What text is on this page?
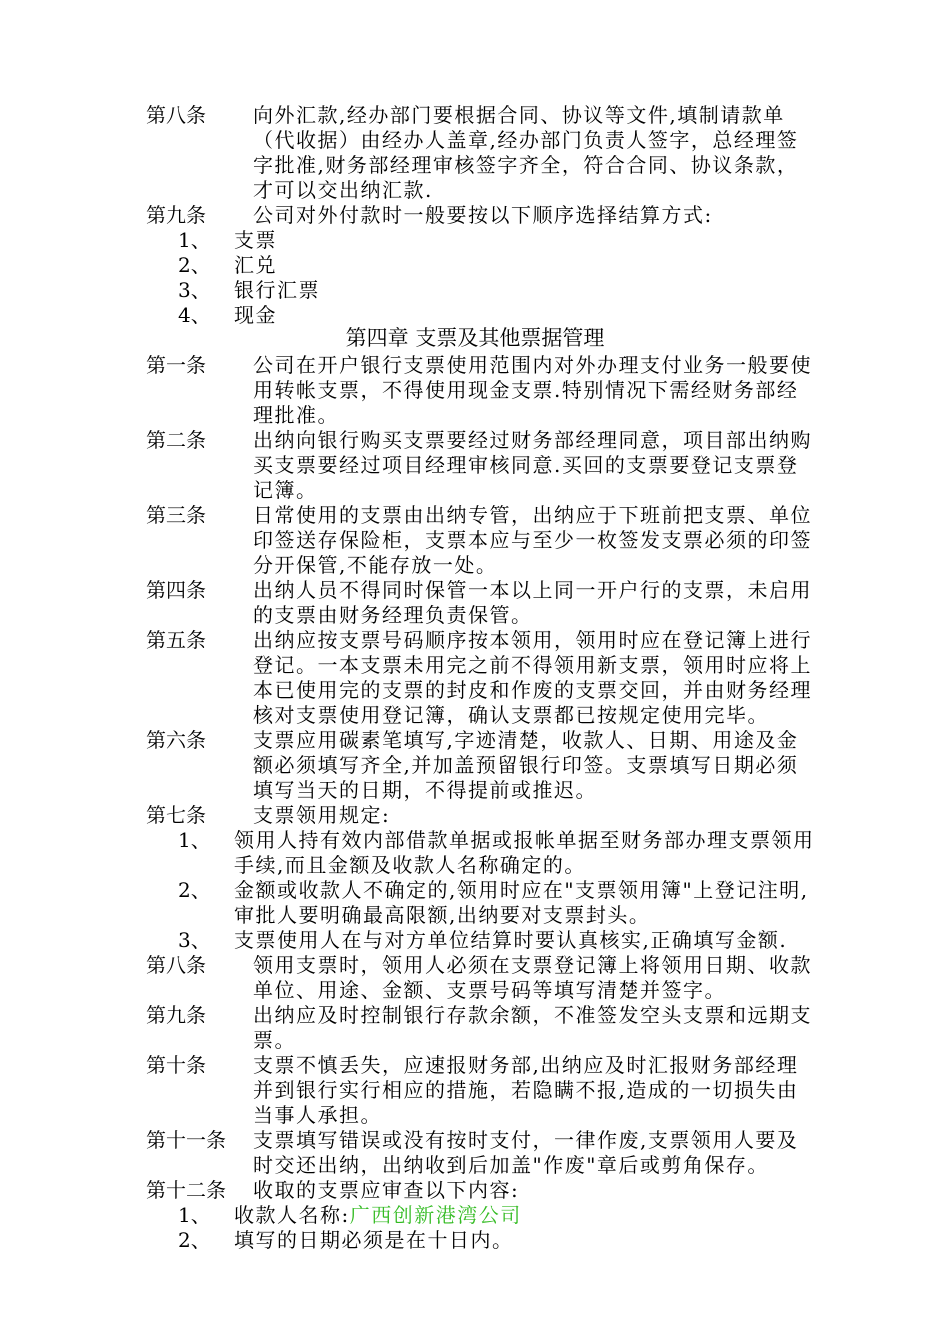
第八条 向外汇款,经办部门要根据合同、协议等文件,填制请款单
（代收据）由经办人盖章,经办部门负责人签字，总经理签
字批准,财务部经理审核签字齐全，符合合同、协议条款，
才可以交出纳汇款.
第九条 公司对外付款时一般要按以下顺序选择结算方式:
1、 支票
2、 汇兑
3、 银行汇票
4、 现金
第四章 支票及其他票据管理
第一条 公司在开户银行支票使用范围内对外办理支付业务一般要使
用转帐支票，不得使用现金支票.特别情况下需经财务部经
理批准。
第二条 出纳向银行购买支票要经过财务部经理同意，项目部出纳购
买支票要经过项目经理审核同意.买回的支票要登记支票登
记簿。
第三条 日常使用的支票由出纳专管，出纳应于下班前把支票、单位
印签送存保险柜，支票本应与至少一枚签发支票必须的印签
分开保管,不能存放一处。
第四条 出纳人员不得同时保管一本以上同一开户行的支票，未启用
的支票由财务经理负责保管。
第五条 出纳应按支票号码顺序按本领用，领用时应在登记簿上进行
登记。一本支票未用完之前不得领用新支票，领用时应将上
本已使用完的支票的封皮和作废的支票交回，并由财务经理
核对支票使用登记簿，确认支票都已按规定使用完毕。
第六条 支票应用碳素笔填写,字迹清楚，收款人、日期、用途及金
额必须填写齐全,并加盖预留银行印签。支票填写日期必须
填写当天的日期，不得提前或推迟。
第七条 支票领用规定:
1、 领用人持有效内部借款单据或报帐单据至财务部办理支票领用
手续,而且金额及收款人名称确定的。
2、 金额或收款人不确定的,领用时应在"支票领用簿"上登记注明,
审批人要明确最高限额,出纳要对支票封头。
3、 支票使用人在与对方单位结算时要认真核实,正确填写金额.
第八条 领用支票时，领用人必须在支票登记簿上将领用日期、收款
单位、用途、金额、支票号码等填写清楚并签字。
第九条 出纳应及时控制银行存款余额，不准签发空头支票和远期支
票。
第十条 支票不慎丢失，应速报财务部,出纳应及时汇报财务部经理
并到银行实行相应的措施，若隐瞒不报,造成的一切损失由
当事人承担。
第十一条 支票填写错误或没有按时支付，一律作废,支票领用人要及
时交还出纳，出纳收到后加盖"作废"章后或剪角保存。
第十二条 收取的支票应审查以下内容:
1、 收款人名称:广西创新港湾公司
2、 填写的日期必须是在十日内。
